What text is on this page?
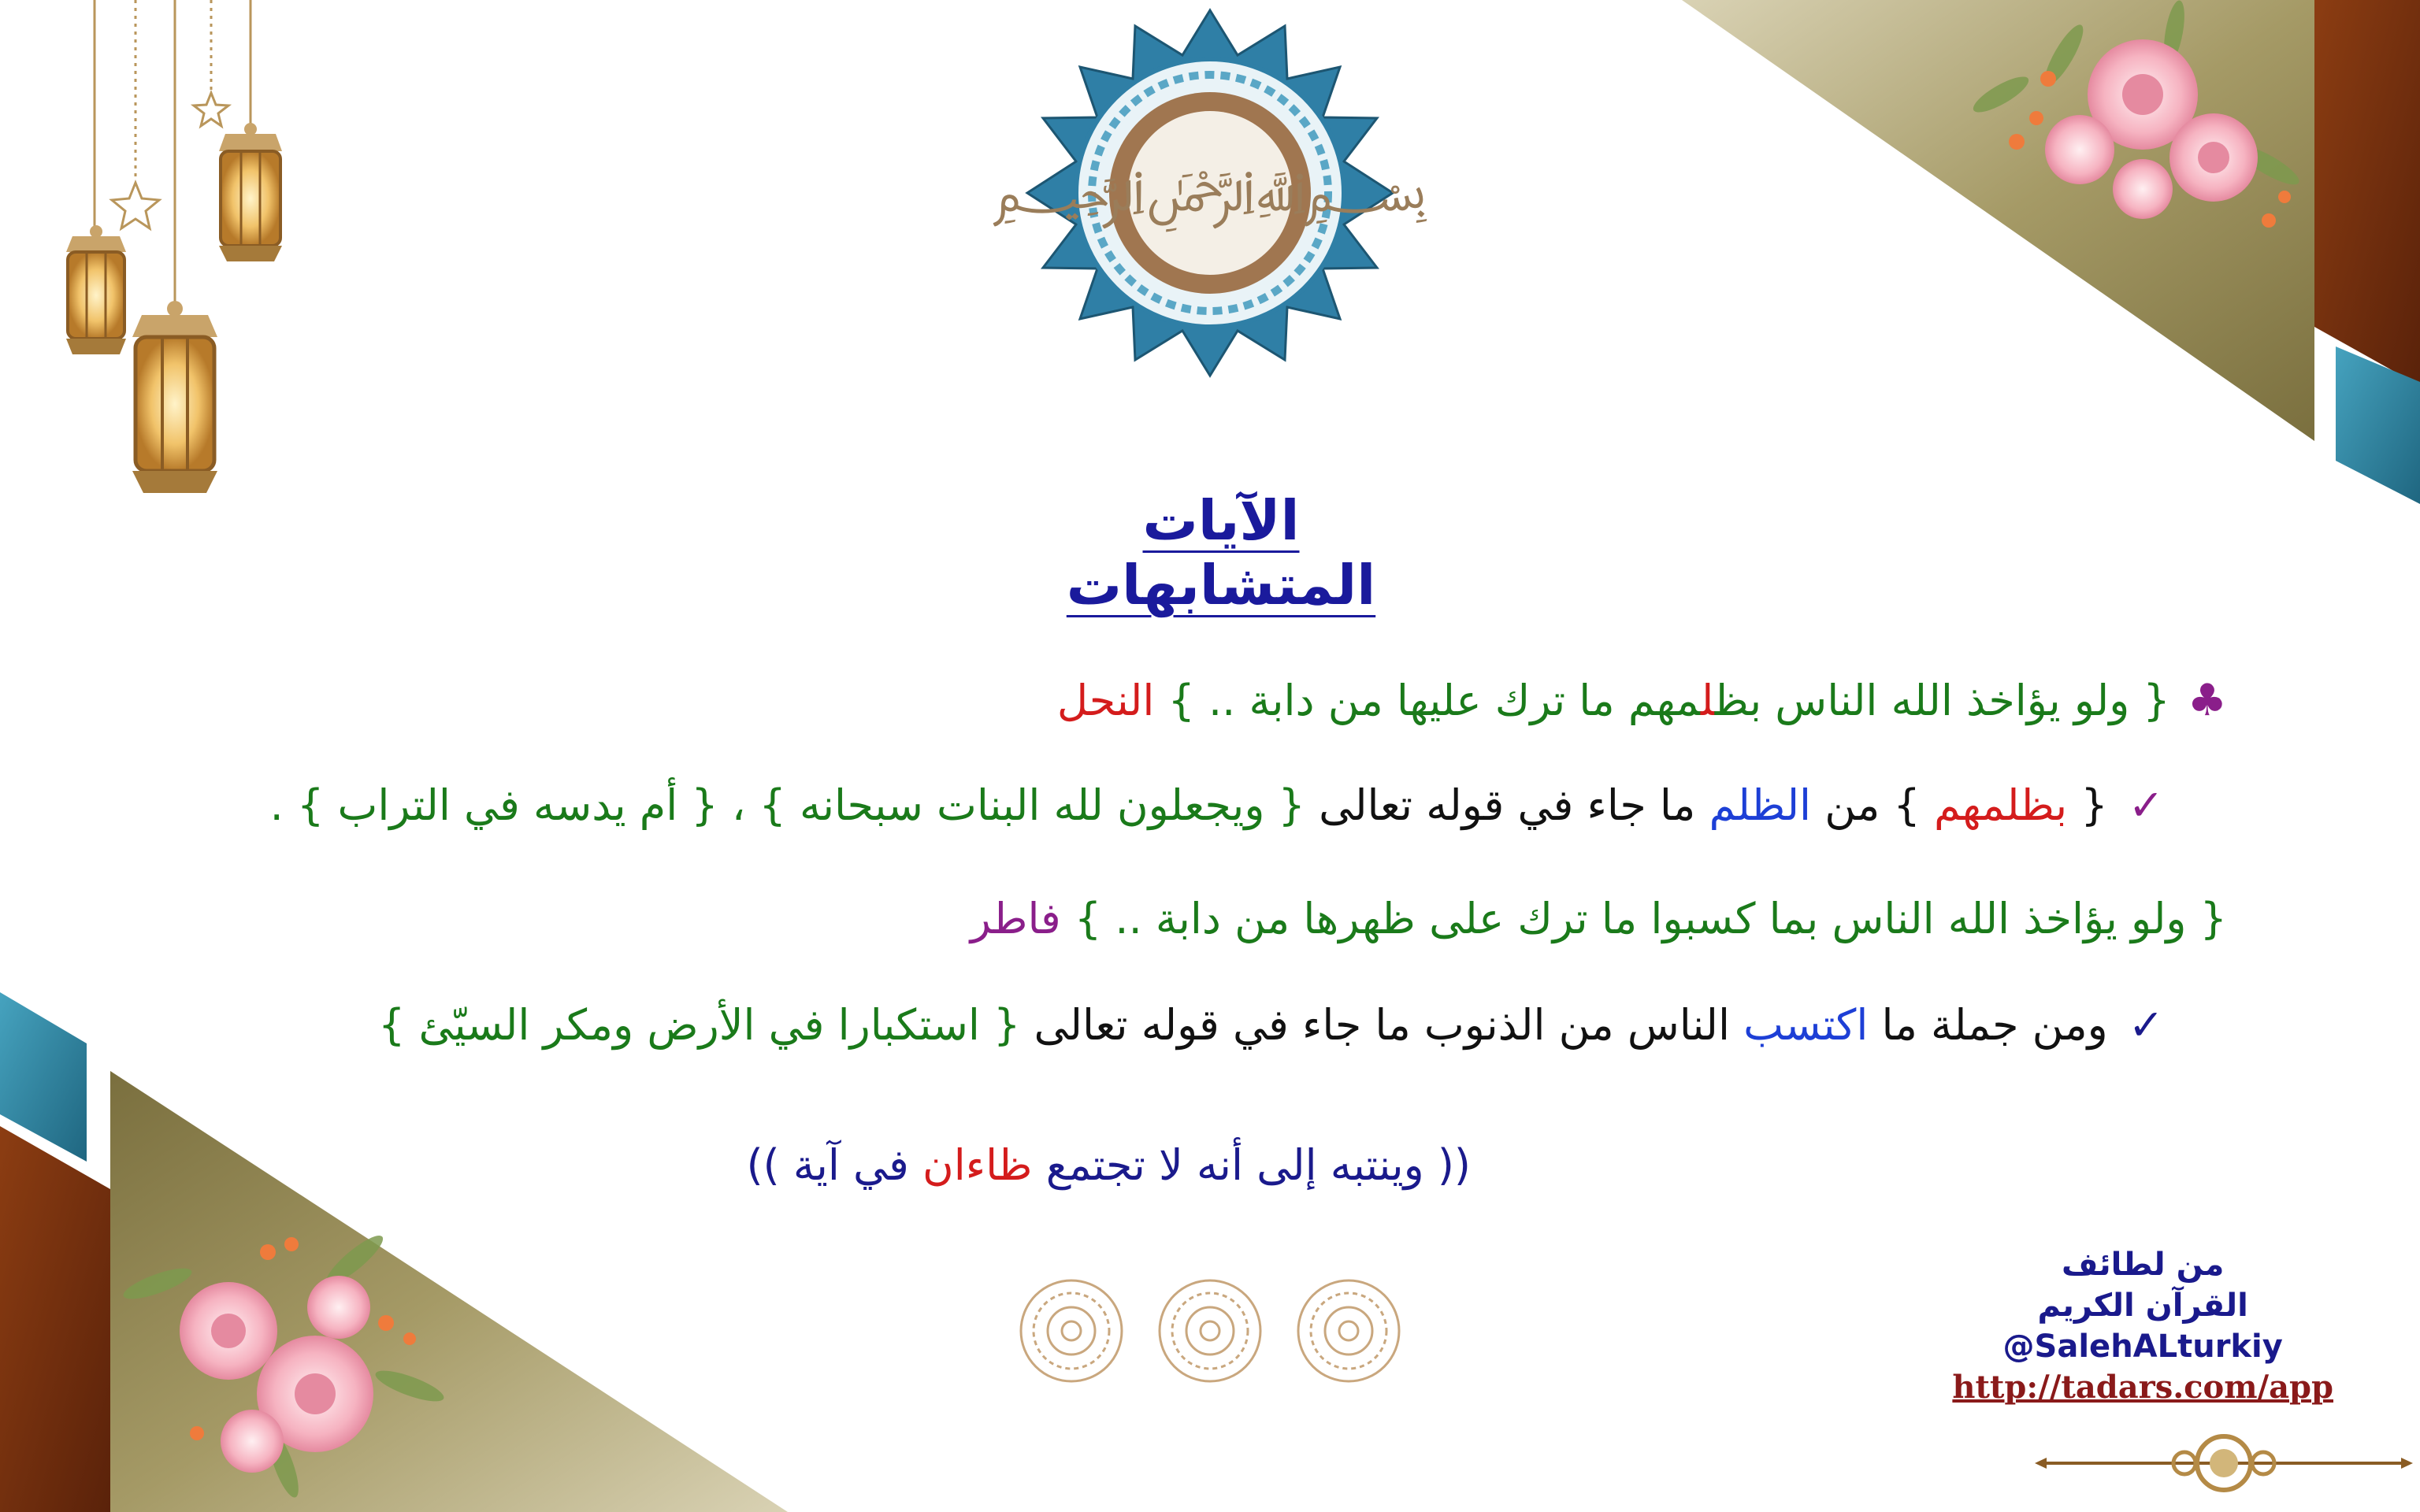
﷽
الآيات المتشابهات
♣{ ولو يؤاخذ الله الناس بظلمهم ما ترك عليها من دابة .. } النحل
✓{ بظلمهم } من الظلم ما جاء في قوله تعالى { ويجعلون لله البنات سبحانه } ، { أم يدسه في التراب } .
{ ولو يؤاخذ الله الناس بما كسبوا ما ترك على ظهرها من دابة .. } فاطر
✓ومن جملة ما اكتسب الناس من الذنوب ما جاء في قوله تعالى { استكبارا في الأرض ومكر السيّئ }
(( وينتبه إلى أنه لا تجتمع ظاءان في آية ))
من لطائف
القرآن الكريم
@SalehALturkiy
http://tadars.com/app
